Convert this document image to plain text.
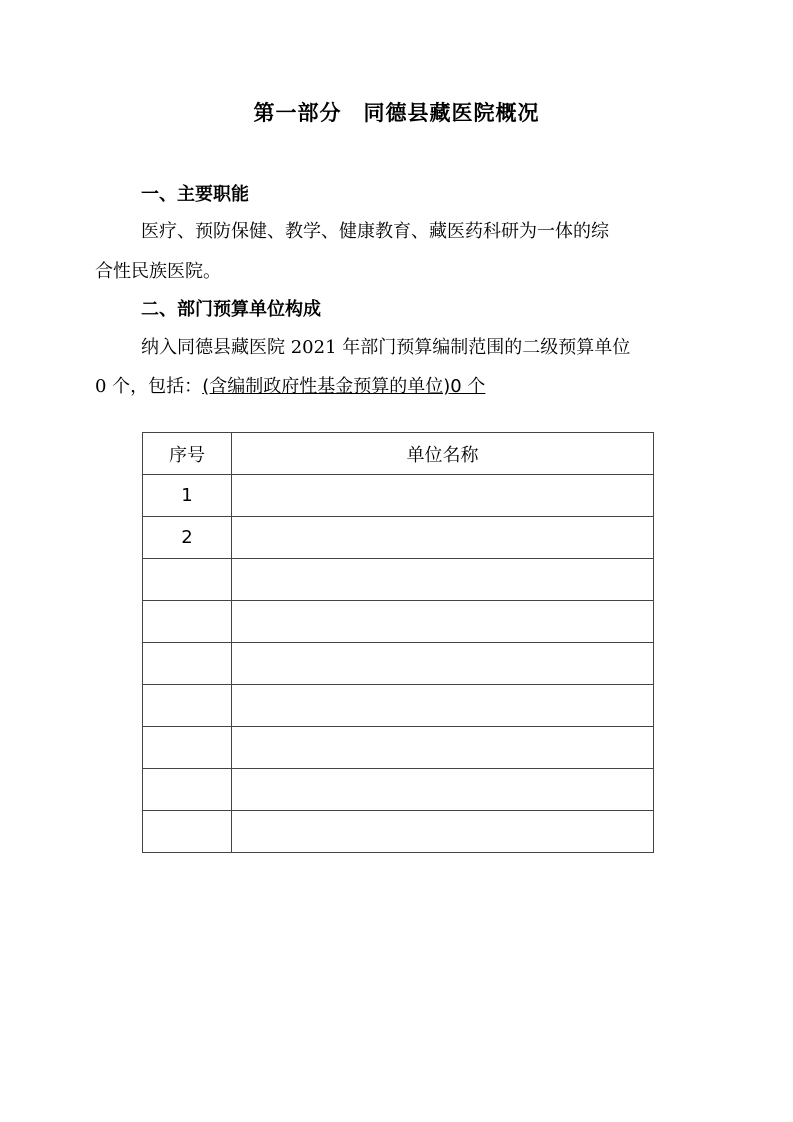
第一部分　同德县藏医院概况
一、主要职能
医疗、预防保健、教学、健康教育、藏医药科研为一体的综
合性民族医院。
二、部门预算单位构成
纳入同德县藏医院 2021 年部门预算编制范围的二级预算单位
0 个，包括：(含编制政府性基金预算的单位)0 个
序号	单位名称
1	
2	
